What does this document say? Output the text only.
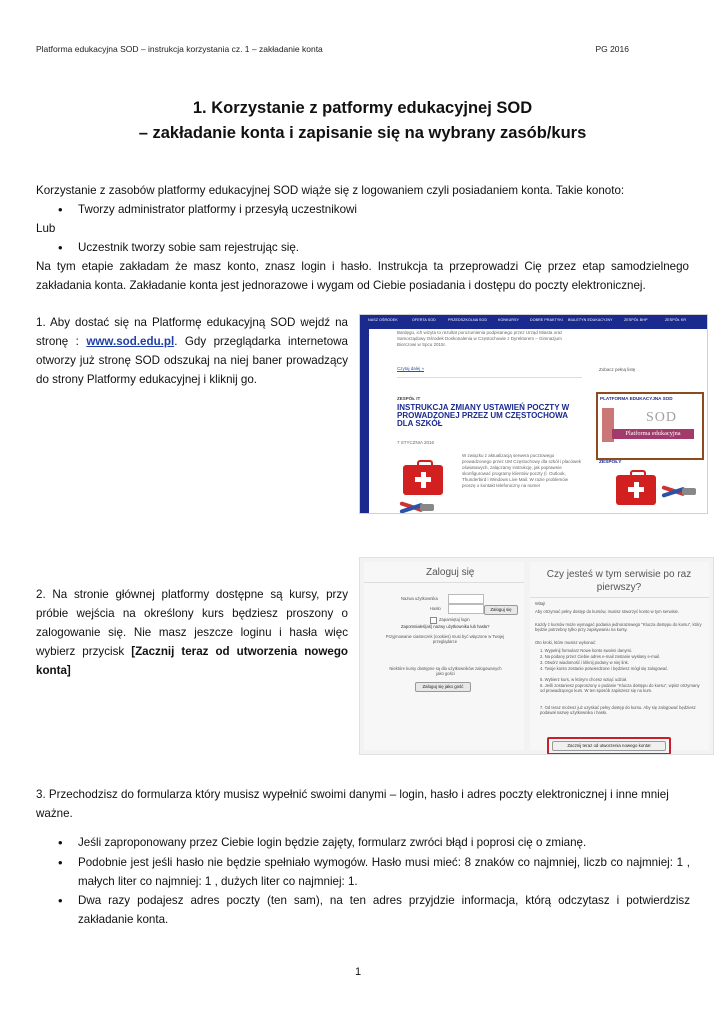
Platforma edukacyjna SOD – instrukcja korzystania cz. 1 – zakładanie konta	PG 2016
1. Korzystanie z patformy edukacyjnej SOD
– zakładanie konta i zapisanie się na wybrany zasób/kurs
Korzystanie z zasobów platformy edukacyjnej SOD wiąże się z logowaniem czyli posiadaniem konta. Takie konoto:
• Tworzy administrator platformy i przesyłą uczestnikowi
Lub
• Uczestnik tworzy sobie sam rejestrując się.
Na tym etapie zakładam że masz konto, znasz login i hasło. Instrukcja ta przeprowadzi Cię przez etap samodzielnego zakładania konta. Zakładanie konta jest jednorazowe i wygam od Ciebie posiadania i dostępu do poczty elektronicznej.
1. Aby dostać się na Platformę edukacyjną SOD wejdź na stronę : www.sod.edu.pl. Gdy przeglądarka internetowa otworzy już stronę SOD odszukaj na niej baner prowadzący do strony Platformy edukacyjnej i kliknij go.
NASZ OŚRODEK	OFERTA SOD	PRZEDSZKOLNA SOD	KONKURSY	DOBRE PRAKTYKI BIULETYN EDUKACYJNY	ZESPÓŁ BHP	ZESPÓŁ KR
Bardęgu, ich wizyta to rezultat porozumienia podpisanego przez Urząd Miasta oraz Samorządowy Ośrodek Doskonalenia w Częstochowie z Dyrektorem – Gimnazjum Biorczowi w Spcu 2015r.
Czytaj dalej »	Zobacz pełną listę
ZESPÓŁ IT
INSTRUKCJA ZMIANY USTAWIEŃ POCZTY W PROWADZONEJ PRZEZ UM CZĘSTOCHOWA DLA SZKÓŁ
7 STYCZNIA 2016
W związku z aktualizacją serwera pocztowego prowadzonego przez UM Częstochowy dla szkół i placówek oświatowych, zalączamy instrukcję, jak poprawnie skonfigurować programy klientów poczty (l. Outlook, Thunderbird i Windows Live Mail. W razie problemów proszę o kontakt telefoniczny na numer
PLATFORMA EDUKACYJNA SOD
SOD
Platforma edukacyjna
ZESPOŁY
2. Na stronie głównej platformy dostępne są kursy, przy próbie wejścia na określony kurs będziesz proszony o zalogowanie się. Nie masz jeszcze loginu i hasła więc wybierz przycisk [Zacznij teraz od utworzenia nowego konta]
Zaloguj się
Nazwa użytkownika
Hasło	Zaloguj się
Zapamiętaj login
Zapomniałeś(aś) nazwy użytkownika lub hasła?
Przyjmowanie ciasteczek (cookies) musi być włączone w Twojej przeglądarce
Niektóre kursy dostępne są dla użytkowników zalogowanych jako gości
Zaloguj się jako gość
Czy jesteś w tym serwisie po raz pierwszy?
Witaj!
Aby otrzymać pełny dostęp do kursów, musisz stworzyć konto w tym serwisie.
Każdy z kursów może wymagać podania jednorazowego "Klucza dostępu do kursu", który będzie potrzebny tylko przy zapisywaniu na kursy.
Oto kroki, które musisz wykonać:
1. Wypełnij formularz Nowe konto swoimi danymi.
2. Na podany przez Ciebie adres e-mail zostanie wysłany e-mail.
3. Otwórz wiadomość i kliknij podany w niej link.
4. Twoje konto zostanie potwierdzone i będziesz mógł się zalogować.
5. Wybierz kurs, w którym chcesz wziąć udział.
6. Jeśli zostaniesz poproszony o podanie "Klucza dostępu do kursu", wpisz otrzymany od prowadzącego kurs. W ten sposób zapiszesz się na kurs.
7. Od teraz możesz już uzyskać pełny dostęp do kursu. Aby się zalogować będziesz podawał nazwę użytkownika i hasło.
Zacznij teraz od utworzenia nowego konta!
3. Przechodzisz do formularza który musisz wypełnić swoimi danymi – login, hasło i adres poczty elektronicznej i inne mniej ważne.
• Jeśli zaproponowany przez Ciebie login będzie zajęty, formularz zwróci błąd i poprosi cię o zmianę.
• Podobnie jest jeśli hasło nie będzie spełniało wymogów. Hasło musi mieć: 8 znaków co najmniej, liczb co najmniej: 1 , małych liter co najmniej: 1 , dużych liter co najmniej: 1.
• Dwa razy podajesz adres poczty (ten sam), na ten adres przyjdzie informacja, którą odczytasz i potwierdzisz zakładanie konta.
1
